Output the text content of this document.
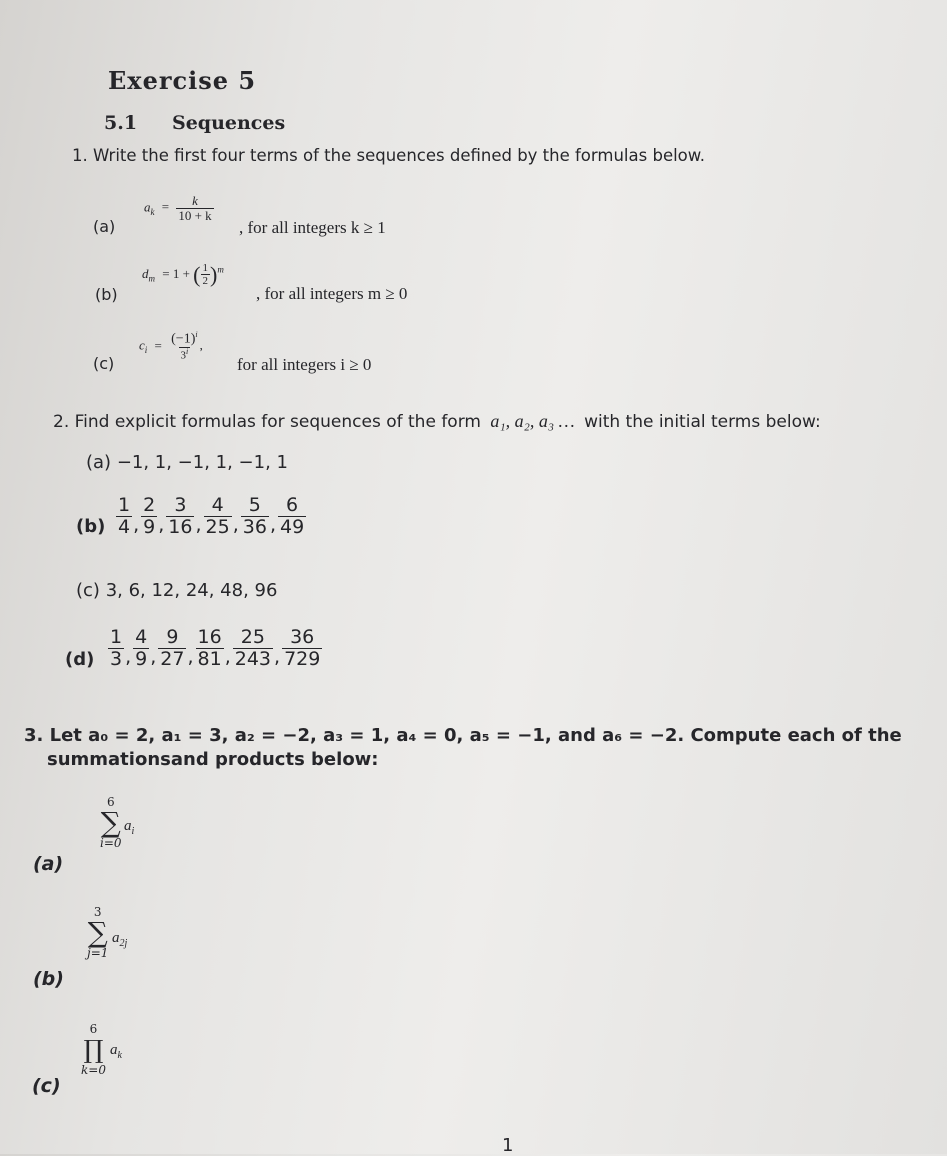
Exercise 5
5.1 Sequences
1. Write the first four terms of the sequences defined by the formulas below.
(a)
$a_k = \frac{k}{10 + k}$
, for all integers k ≥ 1
(b)
$d_m = 1$ + ( $\frac{1}{2} )^m$
, for all integers m ≥ 0
(c)
$c_i = \frac{(-1)^i}{3^i}$ ,
for all integers i ≥ 0
2. Find explicit formulas for sequences of the form a₁, a₂, a₃ … with the initial terms below:
(a) −1, 1, −1, 1, −1, 1
$(b) \frac{1}{4}$ , $\frac{2}{9}$ , $\frac{3}{16}$ , $\frac{4}{25}$ , $\frac{5}{36}$ , $\frac{6}{49}$
(c) 3, 6, 12, 24, 48, 96
$(d) \frac{1}{3}$ , $\frac{4}{9}$ , $\frac{9}{27}$ , $\frac{16}{81}$ , $\frac{25}{243}$ , $\frac{36}{729}$
3. Let a₀ = 2, a₁ = 3, a₂ = −2, a₃ = 1, a₄ = 0, a₅ = −1, and a₆ = −2. Compute each of the
summationsand products below:
(a)
6
∑
i=0
$a_i$
(b)
3
∑
j=1
$a_{2j}$
(c)
6
∏
k=0
$a_k$
1
